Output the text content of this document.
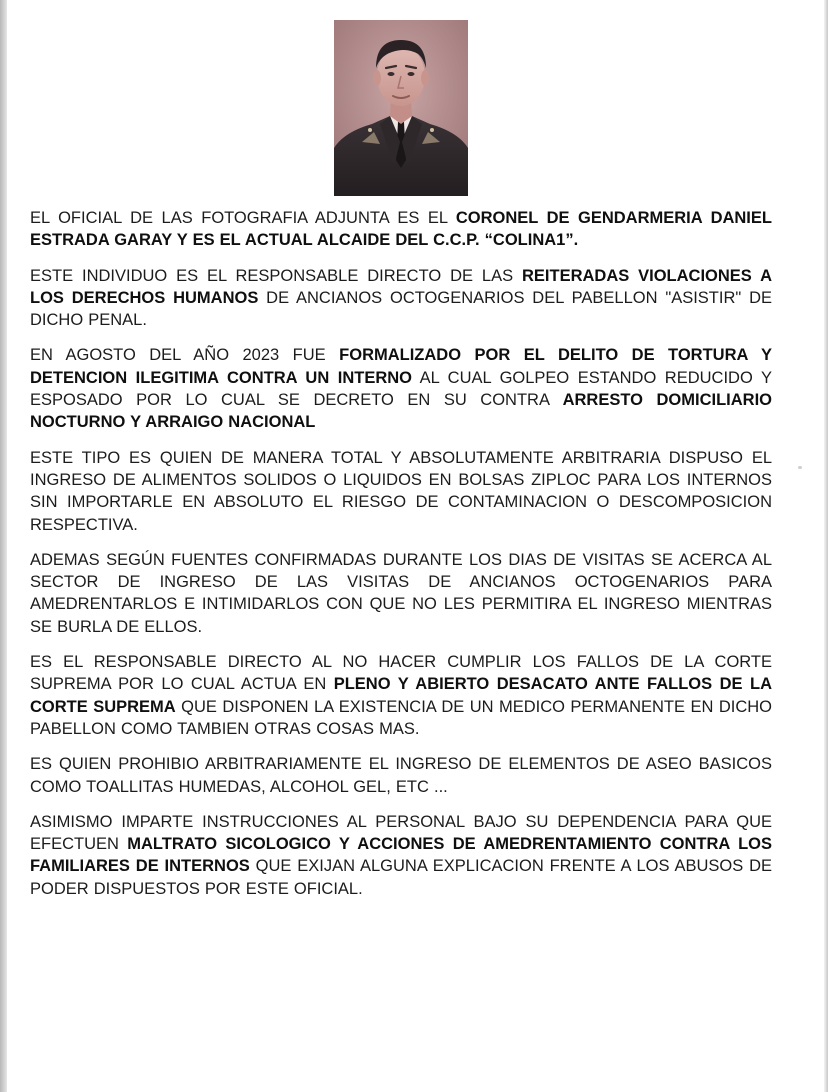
EL OFICIAL DE LAS FOTOGRAFIA ADJUNTA ES EL CORONEL DE GENDARMERIA DANIEL ESTRADA GARAY Y ES EL ACTUAL ALCAIDE DEL C.C.P. “COLINA1”.

ESTE INDIVIDUO ES EL RESPONSABLE DIRECTO DE LAS REITERADAS VIOLACIONES A LOS DERECHOS HUMANOS DE ANCIANOS OCTOGENARIOS DEL PABELLON "ASISTIR" DE DICHO PENAL.

EN AGOSTO DEL AÑO 2023 FUE FORMALIZADO POR EL DELITO DE TORTURA Y DETENCION ILEGITIMA CONTRA UN INTERNO AL CUAL GOLPEO ESTANDO REDUCIDO Y ESPOSADO POR LO CUAL SE DECRETO EN SU CONTRA ARRESTO DOMICILIARIO NOCTURNO Y ARRAIGO NACIONAL

ESTE TIPO ES QUIEN DE MANERA TOTAL Y ABSOLUTAMENTE ARBITRARIA DISPUSO EL INGRESO DE ALIMENTOS SOLIDOS O LIQUIDOS EN BOLSAS ZIPLOC PARA LOS INTERNOS SIN IMPORTARLE EN ABSOLUTO EL RIESGO DE CONTAMINACION O DESCOMPOSICION RESPECTIVA.

ADEMAS SEGÚN FUENTES CONFIRMADAS DURANTE LOS DIAS DE VISITAS SE ACERCA AL SECTOR DE INGRESO DE LAS VISITAS DE ANCIANOS OCTOGENARIOS PARA AMEDRENTARLOS E INTIMIDARLOS CON QUE NO LES PERMITIRA EL INGRESO MIENTRAS SE BURLA DE ELLOS.

ES EL RESPONSABLE DIRECTO AL NO HACER CUMPLIR LOS FALLOS DE LA CORTE SUPREMA POR LO CUAL ACTUA EN PLENO Y ABIERTO DESACATO ANTE FALLOS DE LA CORTE SUPREMA QUE DISPONEN LA EXISTENCIA DE UN MEDICO PERMANENTE EN DICHO PABELLON COMO TAMBIEN OTRAS COSAS MAS.

ES QUIEN PROHIBIO ARBITRARIAMENTE EL INGRESO DE ELEMENTOS DE ASEO BASICOS COMO TOALLITAS HUMEDAS, ALCOHOL GEL, ETC ...

ASIMISMO IMPARTE INSTRUCCIONES AL PERSONAL BAJO SU DEPENDENCIA PARA QUE EFECTUEN MALTRATO SICOLOGICO Y ACCIONES DE AMEDRENTAMIENTO CONTRA LOS FAMILIARES DE INTERNOS QUE EXIJAN ALGUNA EXPLICACION FRENTE A LOS ABUSOS DE PODER DISPUESTOS POR ESTE OFICIAL.
